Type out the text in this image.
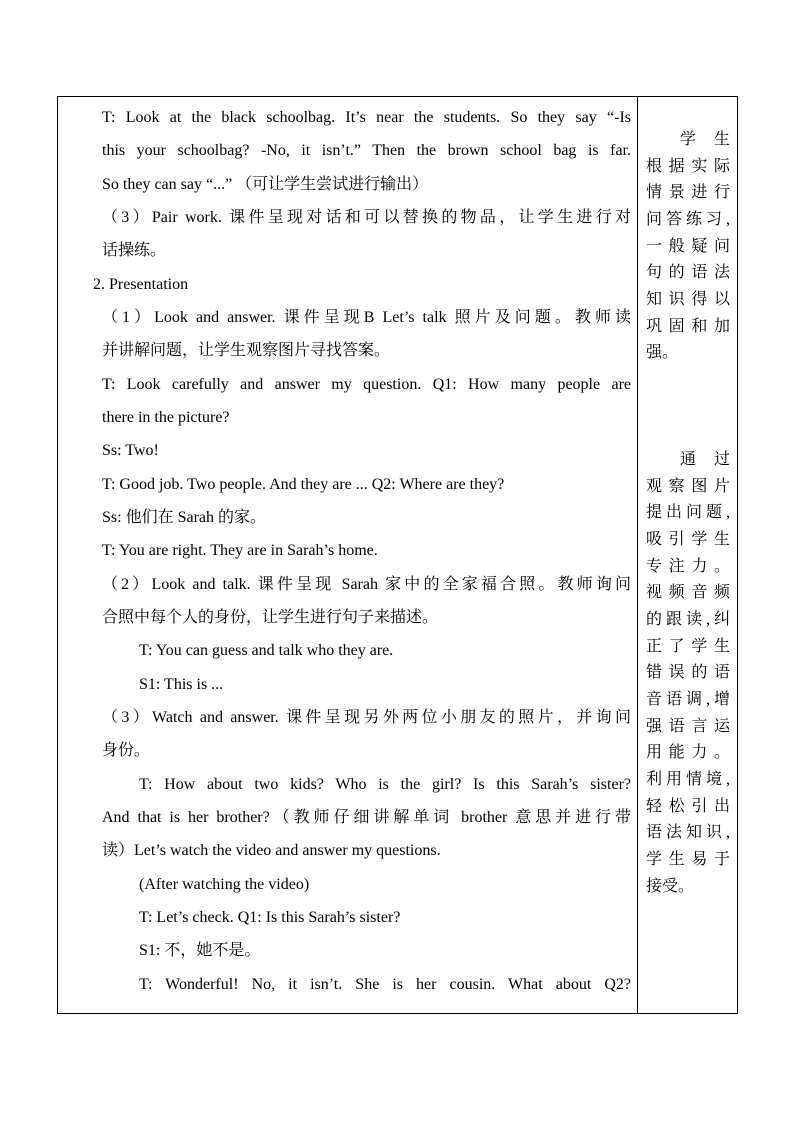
T: Look at the black schoolbag. It’s near the students. So they say “-Is
this your schoolbag? -No, it isn’t.” Then the brown school bag is far.
So they can say “...” （可让学生尝试进行输出）
（3）Pair work. 课件呈现对话和可以替换的物品，让学生进行对
话操练。
2. Presentation
（1）Look and answer. 课件呈现B Let’s talk 照片及问题。教师读
并讲解问题，让学生观察图片寻找答案。
T: Look carefully and answer my question. Q1: How many people are
there in the picture?
Ss: Two!
T: Good job. Two people. And they are ... Q2: Where are they?
Ss: 他们在 Sarah 的家。
T: You are right. They are in Sarah’s home.
（2）Look and talk. 课件呈现 Sarah 家中的全家福合照。教师询问
合照中每个人的身份，让学生进行句子来描述。
T: You can guess and talk who they are.
S1: This is ...
（3）Watch and answer. 课件呈现另外两位小朋友的照片，并询问
身份。
T: How about two kids? Who is the girl? Is this Sarah’s sister?
And that is her brother?（教师仔细讲解单词 brother 意思并进行带
读）Let’s watch the video and answer my questions.
(After watching the video)
T: Let’s check. Q1: Is this Sarah’s sister?
S1: 不，她不是。
T: Wonderful! No, it isn’t. She is her cousin. What about Q2?
学 生
根据实际
情景进行
问答练习,
一般疑问
句的语法
知识得以
巩固和加
强。
通 过
观察图片
提出问题,
吸引学生
专注力。
视频音频
的跟读,纠
正了学生
错误的语
音语调,增
强语言运
用能力。
利用情境,
轻松引出
语法知识,
学生易于
接受。
